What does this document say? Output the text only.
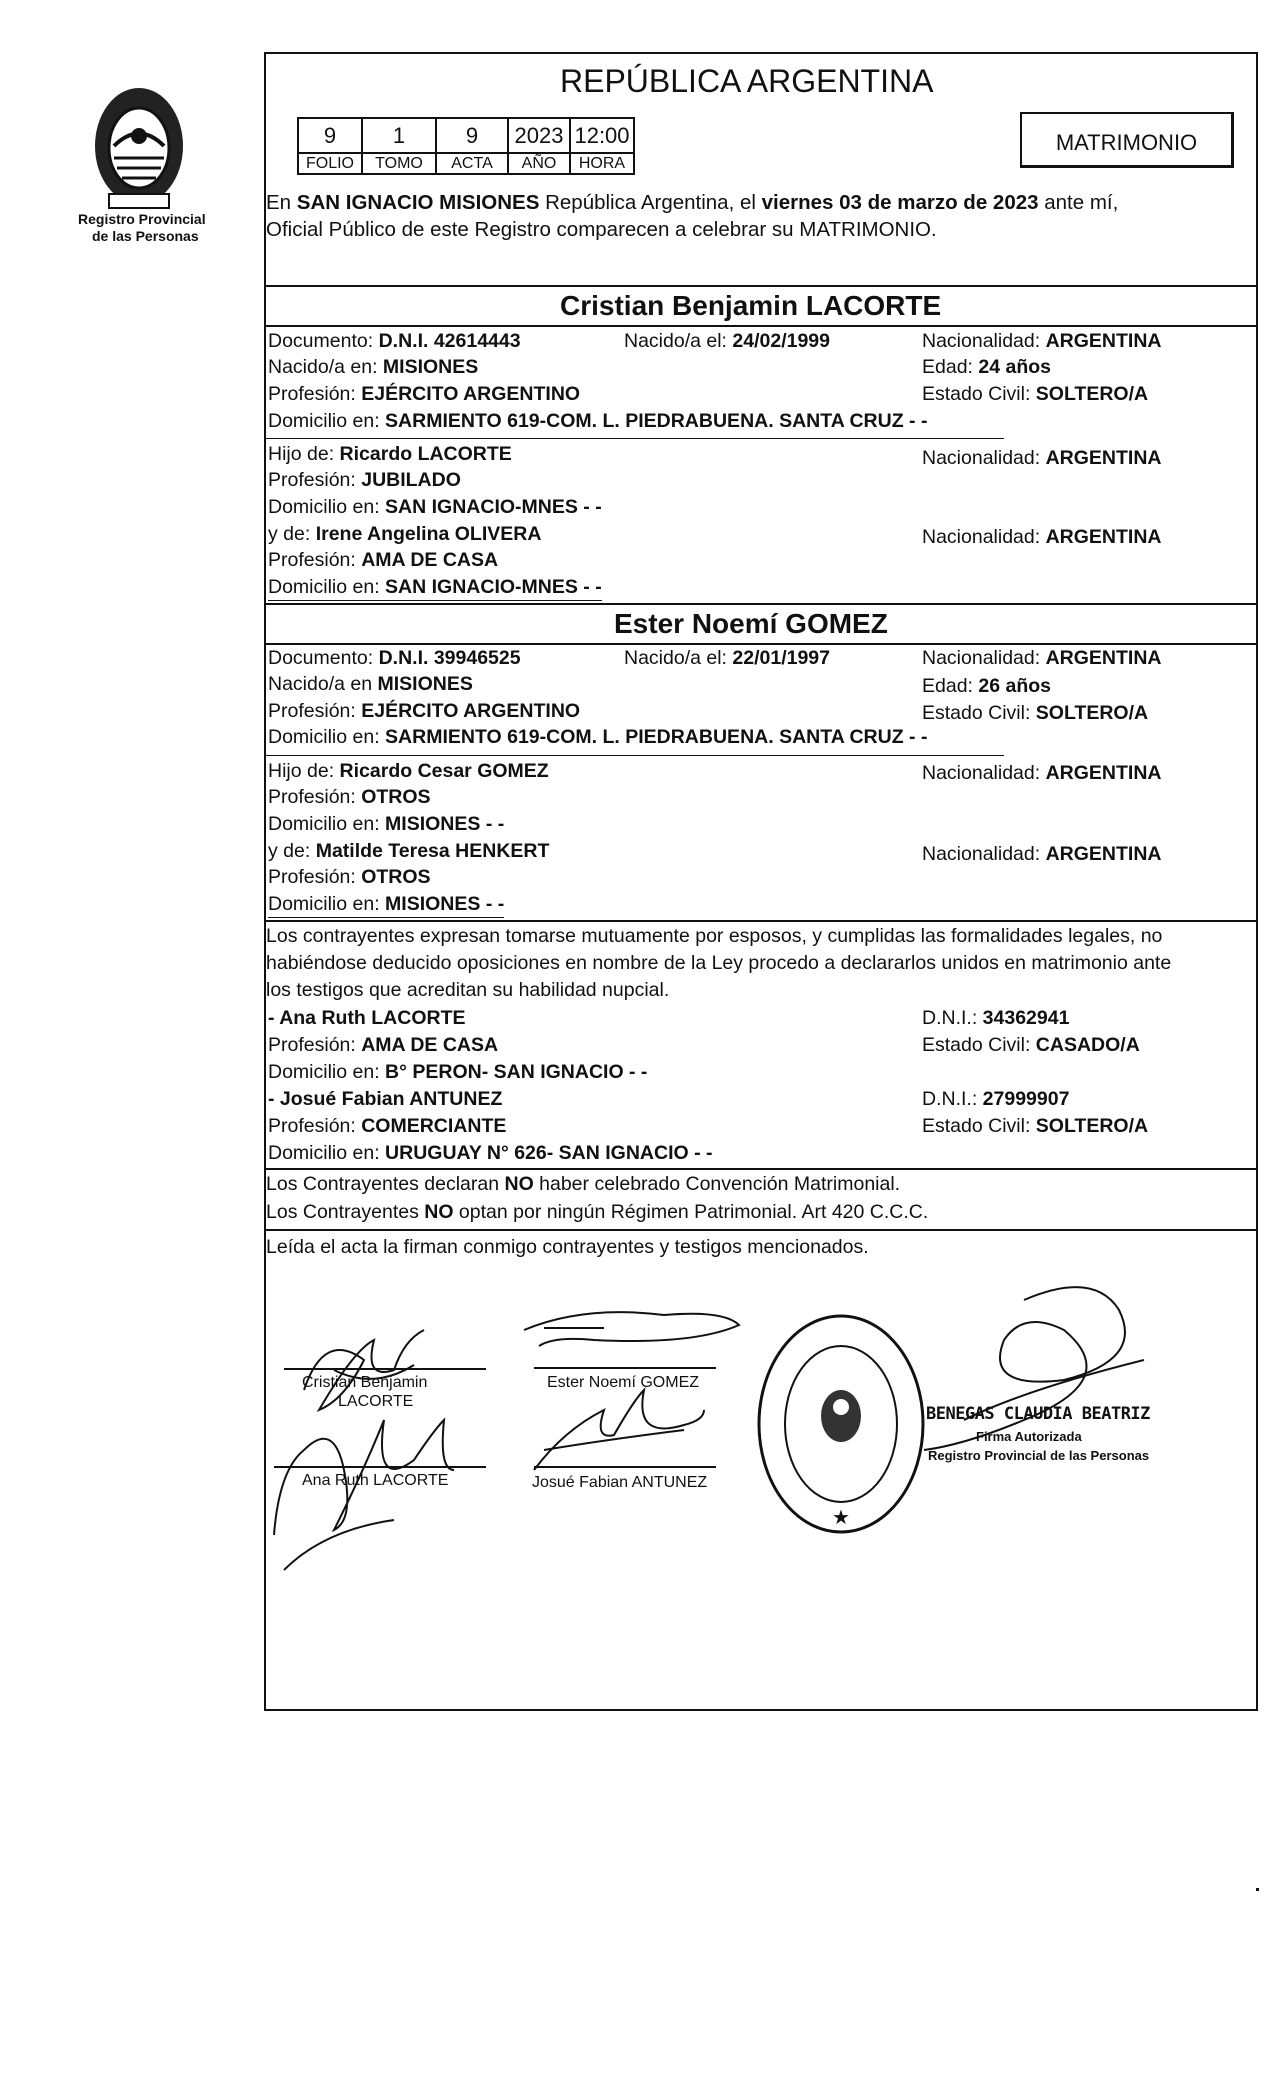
Registro Provincial
de las Personas
REPÚBLICA ARGENTINA
9	1	9	2023	12:00
FOLIO	TOMO	ACTA	AÑO	HORA
MATRIMONIO
En SAN IGNACIO MISIONES República Argentina, el viernes 03 de marzo de 2023 ante mí,
Oficial Público de este Registro comparecen a celebrar su MATRIMONIO.
Cristian Benjamin LACORTE
Documento: D.N.I. 42614443	Nacido/a el: 24/02/1999	Nacionalidad: ARGENTINA
Nacido/a en: MISIONES	Edad: 24 años
Profesión: EJÉRCITO ARGENTINO	Estado Civil: SOLTERO/A
Domicilio en: SARMIENTO 619-COM. L. PIEDRABUENA. SANTA CRUZ - -
Hijo de: Ricardo LACORTE	Nacionalidad: ARGENTINA
Profesión: JUBILADO
Domicilio en: SAN IGNACIO-MNES - -
y de: Irene Angelina OLIVERA	Nacionalidad: ARGENTINA
Profesión: AMA DE CASA
Domicilio en: SAN IGNACIO-MNES - -
Ester Noemí GOMEZ
Documento: D.N.I. 39946525	Nacido/a el: 22/01/1997	Nacionalidad: ARGENTINA
Nacido/a en MISIONES	Edad: 26 años
Profesión: EJÉRCITO ARGENTINO	Estado Civil: SOLTERO/A
Domicilio en: SARMIENTO 619-COM. L. PIEDRABUENA. SANTA CRUZ - -
Hijo de: Ricardo Cesar GOMEZ	Nacionalidad: ARGENTINA
Profesión: OTROS
Domicilio en: MISIONES - -
y de: Matilde Teresa HENKERT	Nacionalidad: ARGENTINA
Profesión: OTROS
Domicilio en: MISIONES - -
Los contrayentes expresan tomarse mutuamente por esposos, y cumplidas las formalidades legales, no
habiéndose deducido oposiciones en nombre de la Ley procedo a declararlos unidos en matrimonio ante
los testigos que acreditan su habilidad nupcial.
- Ana Ruth LACORTE	D.N.I.: 34362941
Profesión: AMA DE CASA	Estado Civil: CASADO/A
Domicilio en: B° PERON- SAN IGNACIO - -
- Josué Fabian ANTUNEZ	D.N.I.: 27999907
Profesión: COMERCIANTE	Estado Civil: SOLTERO/A
Domicilio en: URUGUAY N° 626- SAN IGNACIO - -
Los Contrayentes declaran NO haber celebrado Convención Matrimonial.
Los Contrayentes NO optan por ningún Régimen Patrimonial. Art 420 C.C.C.
Leída el acta la firman conmigo contrayentes y testigos mencionados.
Cristian Benjamin
LACORTE
Ester Noemí GOMEZ
Ana Ruth LACORTE	Josué Fabian ANTUNEZ
★
BENEGAS CLAUDIA BEATRIZ
Firma Autorizada
Registro Provincial de las Personas
